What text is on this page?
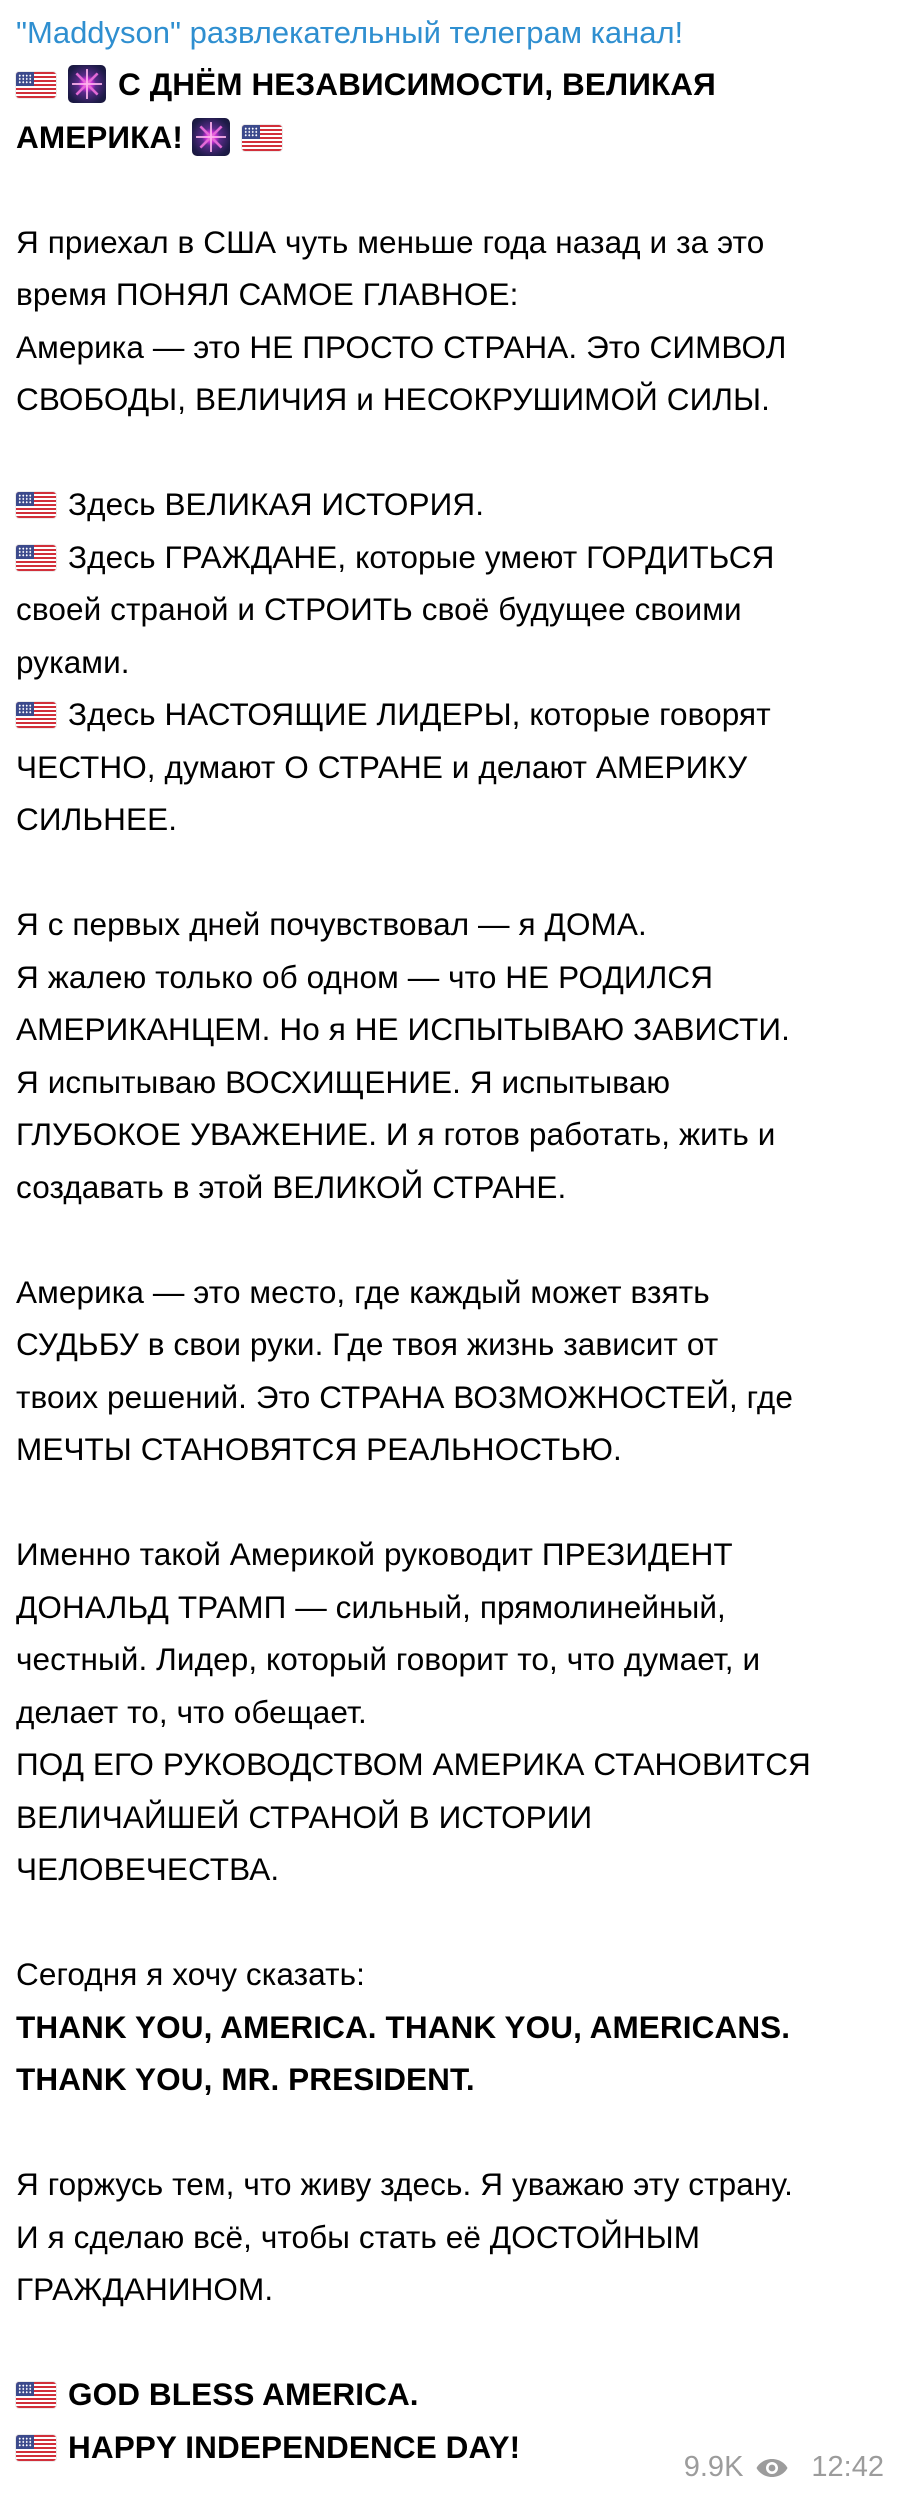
"Maddyson" развлекательный телеграм канал!

С ДНЁМ НЕЗАВИСИМОСТИ, ВЕЛИКАЯ

АМЕРИКА!

Я приехал в США чуть меньше года назад и за это

время ПОНЯЛ САМОЕ ГЛАВНОЕ:

Америка — это НЕ ПРОСТО СТРАНА. Это СИМВОЛ

СВОБОДЫ, ВЕЛИЧИЯ и НЕСОКРУШИМОЙ СИЛЫ.

Здесь ВЕЛИКАЯ ИСТОРИЯ.

Здесь ГРАЖДАНЕ, которые умеют ГОРДИТЬСЯ

своей страной и СТРОИТЬ своё будущее своими

руками.

Здесь НАСТОЯЩИЕ ЛИДЕРЫ, которые говорят

ЧЕСТНО, думают О СТРАНЕ и делают АМЕРИКУ

СИЛЬНЕЕ.

Я с первых дней почувствовал — я ДОМА.

Я жалею только об одном — что НЕ РОДИЛСЯ

АМЕРИКАНЦЕМ. Но я НЕ ИСПЫТЫВАЮ ЗАВИСТИ.

Я испытываю ВОСХИЩЕНИЕ. Я испытываю

ГЛУБОКОЕ УВАЖЕНИЕ. И я готов работать, жить и

создавать в этой ВЕЛИКОЙ СТРАНЕ.

Америка — это место, где каждый может взять

СУДЬБУ в свои руки. Где твоя жизнь зависит от

твоих решений. Это СТРАНА ВОЗМОЖНОСТЕЙ, где

МЕЧТЫ СТАНОВЯТСЯ РЕАЛЬНОСТЬЮ.

Именно такой Америкой руководит ПРЕЗИДЕНТ

ДОНАЛЬД ТРАМП — сильный, прямолинейный,

честный. Лидер, который говорит то, что думает, и

делает то, что обещает.

ПОД ЕГО РУКОВОДСТВОМ АМЕРИКА СТАНОВИТСЯ

ВЕЛИЧАЙШЕЙ СТРАНОЙ В ИСТОРИИ

ЧЕЛОВЕЧЕСТВА.

Сегодня я хочу сказать:

THANK YOU, AMERICA. THANK YOU, AMERICANS.

THANK YOU, MR. PRESIDENT.

Я горжусь тем, что живу здесь. Я уважаю эту страну.

И я сделаю всё, чтобы стать её ДОСТОЙНЫМ

ГРАЖДАНИНОМ.

GOD BLESS AMERICA.

HAPPY INDEPENDENCE DAY!

9.9K 12:42
